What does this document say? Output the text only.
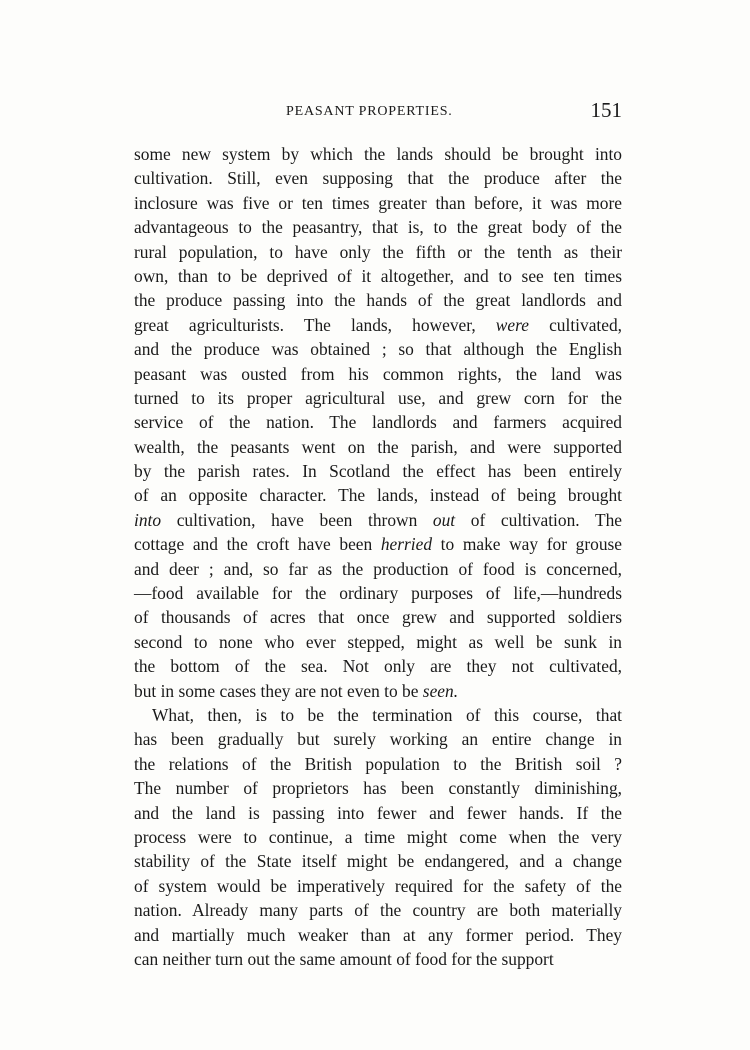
PEASANT PROPERTIES.	151
some new system by which the lands should be brought into
cultivation. Still, even supposing that the produce after the
inclosure was five or ten times greater than before, it was more
advantageous to the peasantry, that is, to the great body of the
rural population, to have only the fifth or the tenth as their
own, than to be deprived of it altogether, and to see ten times
the produce passing into the hands of the great landlords and
great agriculturists. The lands, however, were cultivated,
and the produce was obtained ; so that although the English
peasant was ousted from his common rights, the land was
turned to its proper agricultural use, and grew corn for the
service of the nation. The landlords and farmers acquired
wealth, the peasants went on the parish, and were supported
by the parish rates. In Scotland the effect has been entirely
of an opposite character. The lands, instead of being brought
into cultivation, have been thrown out of cultivation. The
cottage and the croft have been herried to make way for grouse
and deer ; and, so far as the production of food is concerned,
—food available for the ordinary purposes of life,—hundreds
of thousands of acres that once grew and supported soldiers
second to none who ever stepped, might as well be sunk in
the bottom of the sea. Not only are they not cultivated,
but in some cases they are not even to be seen.
What, then, is to be the termination of this course, that
has been gradually but surely working an entire change in
the relations of the British population to the British soil ?
The number of proprietors has been constantly diminishing,
and the land is passing into fewer and fewer hands. If the
process were to continue, a time might come when the very
stability of the State itself might be endangered, and a change
of system would be imperatively required for the safety of the
nation. Already many parts of the country are both materially
and martially much weaker than at any former period. They
can neither turn out the same amount of food for the support
